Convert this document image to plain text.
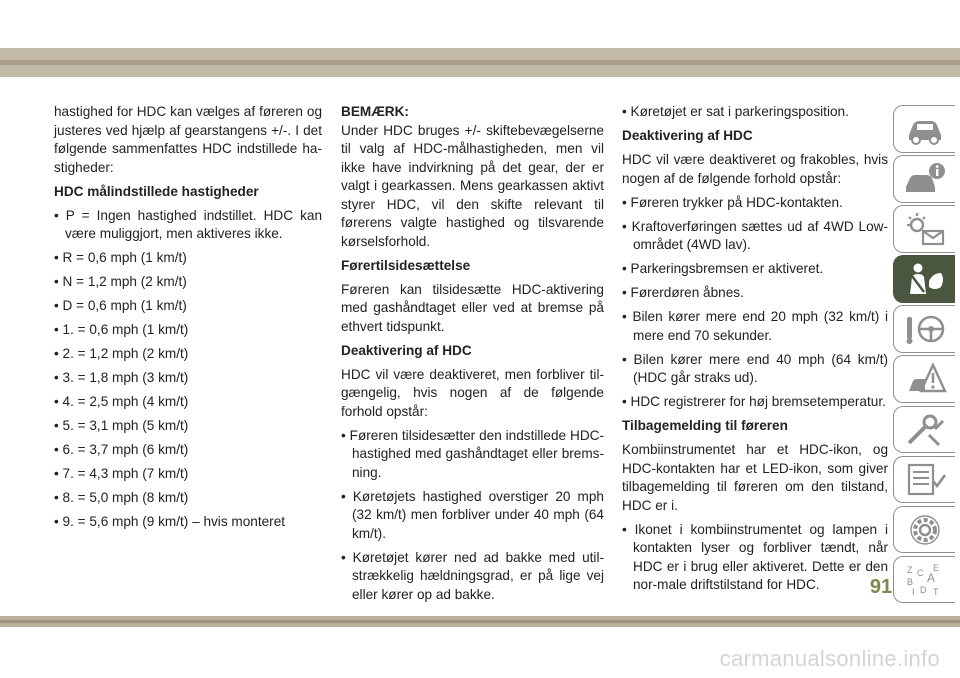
hastighed for HDC kan vælges af føreren og justeres ved hjælp af gearstangens +/-. I det følgende sammenfattes HDC indstillede ha-stigheder:

HDC målindstillede hastigheder

• P = Ingen hastighed indstillet. HDC kan være muliggjort, men aktiveres ikke.

• R = 0,6 mph (1 km/t)

• N = 1,2 mph (2 km/t)

• D = 0,6 mph (1 km/t)

• 1. = 0,6 mph (1 km/t)

• 2. = 1,2 mph (2 km/t)

• 3. = 1,8 mph (3 km/t)

• 4. = 2,5 mph (4 km/t)

• 5. = 3,1 mph (5 km/t)

• 6. = 3,7 mph (6 km/t)

• 7. = 4,3 mph (7 km/t)

• 8. = 5,0 mph (8 km/t)

• 9. = 5,6 mph (9 km/t) – hvis monteret

BEMÆRK:

Under HDC bruges +/- skiftebevægelserne til valg af HDC-målhastigheden, men vil ikke have indvirkning på det gear, der er valgt i gearkassen. Mens gearkassen aktivt styrer HDC, vil den skifte relevant til førerens valgte hastighed og tilsvarende kørselsforhold.

Førertilsidesættelse

Føreren kan tilsidesætte HDC-aktivering med gashåndtaget eller ved at bremse på ethvert tidspunkt.

Deaktivering af HDC

HDC vil være deaktiveret, men forbliver til-gængelig, hvis nogen af de følgende forhold opstår:

• Føreren tilsidesætter den indstillede HDC-hastighed med gashåndtaget eller brems-ning.

• Køretøjets hastighed overstiger 20 mph (32 km/t) men forbliver under 40 mph (64 km/t).

• Køretøjet kører ned ad bakke med util-strækkelig hældningsgrad, er på lige vej eller kører op ad bakke.

• Køretøjet er sat i parkeringsposition.

Deaktivering af HDC

HDC vil være deaktiveret og frakobles, hvis nogen af de følgende forhold opstår:

• Føreren trykker på HDC-kontakten.

• Kraftoverføringen sættes ud af 4WD Low-området (4WD lav).

• Parkeringsbremsen er aktiveret.

• Førerdøren åbnes.

• Bilen kører mere end 20 mph (32 km/t) i mere end 70 sekunder.

• Bilen kører mere end 40 mph (64 km/t) (HDC går straks ud).

• HDC registrerer for høj bremsetemperatur.

Tilbagemelding til føreren

Kombiinstrumentet har et HDC-ikon, og HDC-kontakten har et LED-ikon, som giver tilbagemelding til føreren om den tilstand, HDC er i.

• Ikonet i kombiinstrumentet og lampen i kontakten lyser og forbliver tændt, når HDC er i brug eller aktiveret. Dette er den nor-male driftstilstand for HDC.

Z E
A
B
C
I T
D
91
carmanualsonline.info
